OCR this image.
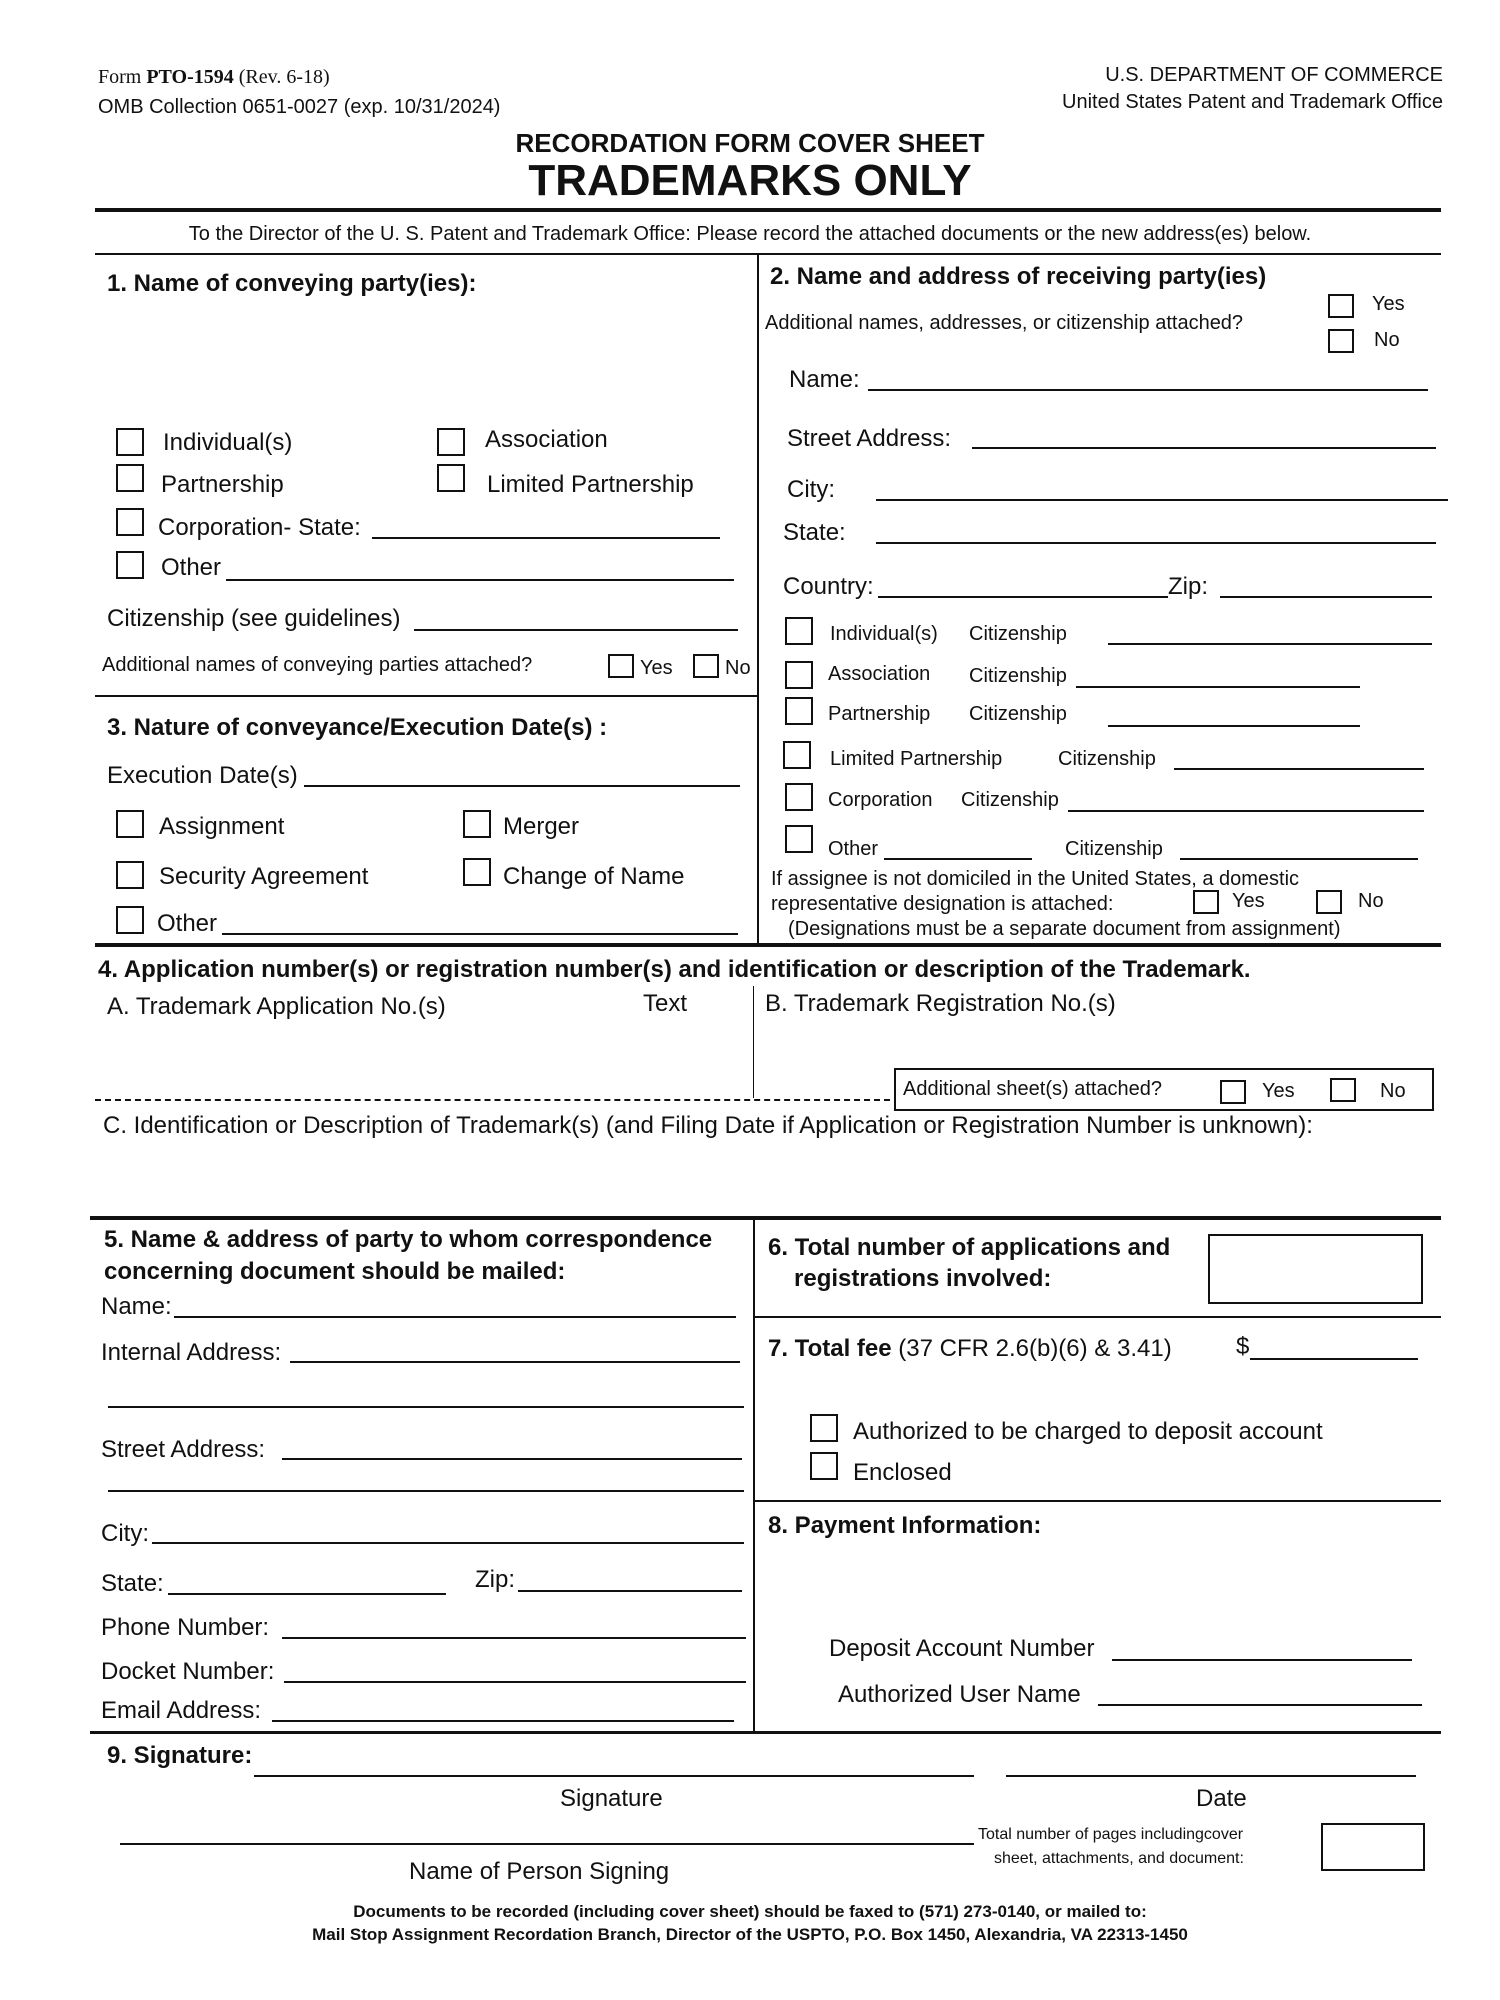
Form PTO-1594 (Rev. 6-18)
OMB Collection 0651-0027 (exp. 10/31/2024)
U.S. DEPARTMENT OF COMMERCE
United States Patent and Trademark Office
RECORDATION FORM COVER SHEET
TRADEMARKS ONLY
To the Director of the U. S. Patent and Trademark Office: Please record the attached documents or the new address(es) below.
1. Name of conveying party(ies):
Individual(s)	Association
Partnership	Limited Partnership
Corporation- State:
Other
Citizenship (see guidelines)
Additional names of conveying parties attached?	Yes	No
3. Nature of conveyance/Execution Date(s) :
Execution Date(s)
Assignment	Merger
Security Agreement	Change of Name
Other
2. Name and address of receiving party(ies)
Additional names, addresses, or citizenship attached?
Yes
No
Name:
Street Address:
City:
State:
Country:	Zip:
Individual(s) Citizenship
Association Citizenship
Partnership Citizenship
Limited Partnership	Citizenship
Corporation Citizenship
Other	Citizenship
If assignee is not domiciled in the United States, a domestic
representative designation is attached:	Yes	No
(Designations must be a separate document from assignment)
4. Application number(s) or registration number(s) and identification or description of the Trademark.
A. Trademark Application No.(s)	Text	B. Trademark Registration No.(s)
Additional sheet(s) attached?	Yes	No
C. Identification or Description of Trademark(s) (and Filing Date if Application or Registration Number is unknown):
5. Name & address of party to whom correspondence
concerning document should be mailed:
Name:
Internal Address:
Street Address:
City:
State:	Zip:
Phone Number:
Docket Number:
Email Address:
6. Total number of applications and
registrations involved:
7. Total fee (37 CFR 2.6(b)(6) & 3.41)	$
Authorized to be charged to deposit account
Enclosed
8. Payment Information:
Deposit Account Number
Authorized User Name
9. Signature:
Signature	Date
Name of Person Signing
Total number of pages includingcover
sheet, attachments, and document:
Documents to be recorded (including cover sheet) should be faxed to (571) 273-0140, or mailed to:
Mail Stop Assignment Recordation Branch, Director of the USPTO, P.O. Box 1450, Alexandria, VA 22313-1450
